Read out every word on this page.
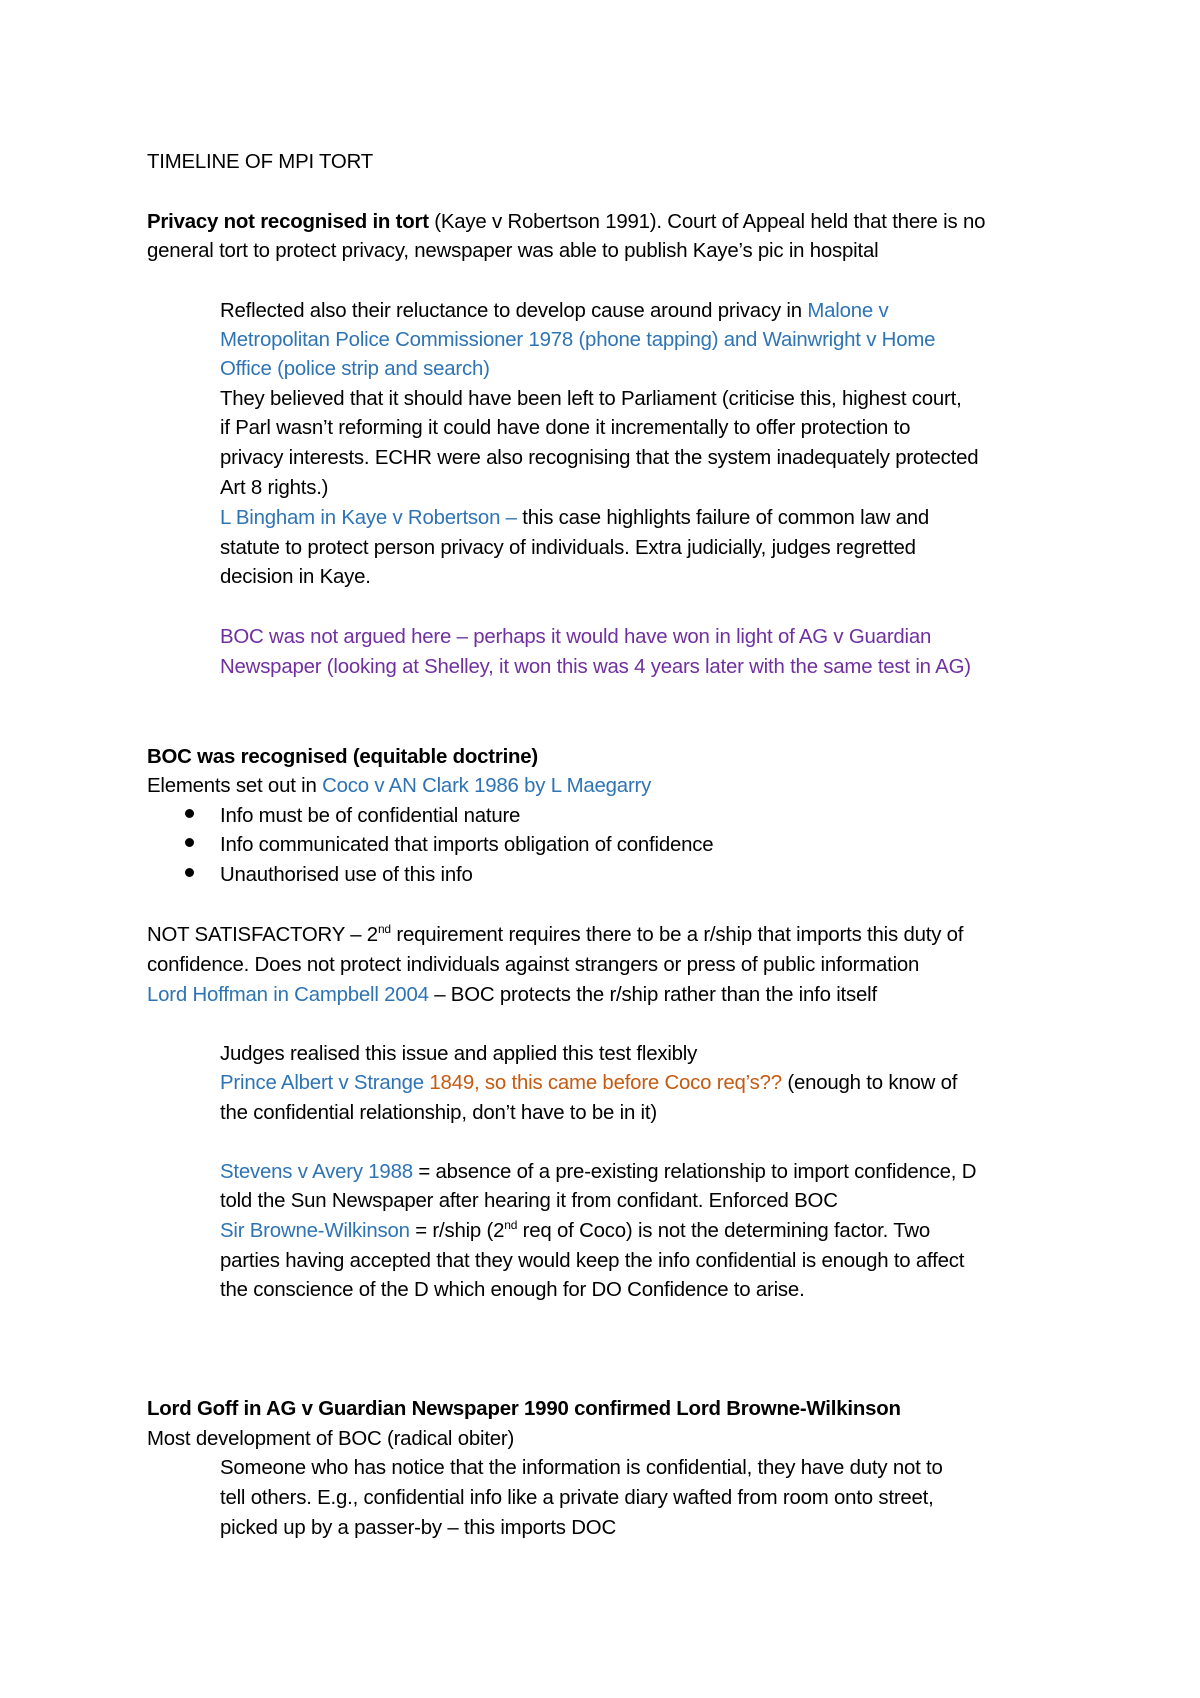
TIMELINE OF MPI TORT
Privacy not recognised in tort (Kaye v Robertson 1991). Court of Appeal held that there is no
general tort to protect privacy, newspaper was able to publish Kaye’s pic in hospital
Reflected also their reluctance to develop cause around privacy in Malone v
Metropolitan Police Commissioner 1978 (phone tapping) and Wainwright v Home
Office (police strip and search)
They believed that it should have been left to Parliament (criticise this, highest court,
if Parl wasn’t reforming it could have done it incrementally to offer protection to
privacy interests. ECHR were also recognising that the system inadequately protected
Art 8 rights.)
L Bingham in Kaye v Robertson – this case highlights failure of common law and
statute to protect person privacy of individuals. Extra judicially, judges regretted
decision in Kaye.
BOC was not argued here – perhaps it would have won in light of AG v Guardian
Newspaper (looking at Shelley, it won this was 4 years later with the same test in AG)
BOC was recognised (equitable doctrine)
Elements set out in Coco v AN Clark 1986 by L Maegarry
Info must be of confidential nature
Info communicated that imports obligation of confidence
Unauthorised use of this info
NOT SATISFACTORY – 2nd requirement requires there to be a r/ship that imports this duty of
confidence. Does not protect individuals against strangers or press of public information
Lord Hoffman in Campbell 2004 – BOC protects the r/ship rather than the info itself
Judges realised this issue and applied this test flexibly
Prince Albert v Strange 1849, so this came before Coco req’s?? (enough to know of
the confidential relationship, don’t have to be in it)
Stevens v Avery 1988 = absence of a pre-existing relationship to import confidence, D
told the Sun Newspaper after hearing it from confidant. Enforced BOC
Sir Browne-Wilkinson = r/ship (2nd req of Coco) is not the determining factor. Two
parties having accepted that they would keep the info confidential is enough to affect
the conscience of the D which enough for DO Confidence to arise.
Lord Goff in AG v Guardian Newspaper 1990 confirmed Lord Browne-Wilkinson
Most development of BOC (radical obiter)
Someone who has notice that the information is confidential, they have duty not to
tell others. E.g., confidential info like a private diary wafted from room onto street,
picked up by a passer-by – this imports DOC
